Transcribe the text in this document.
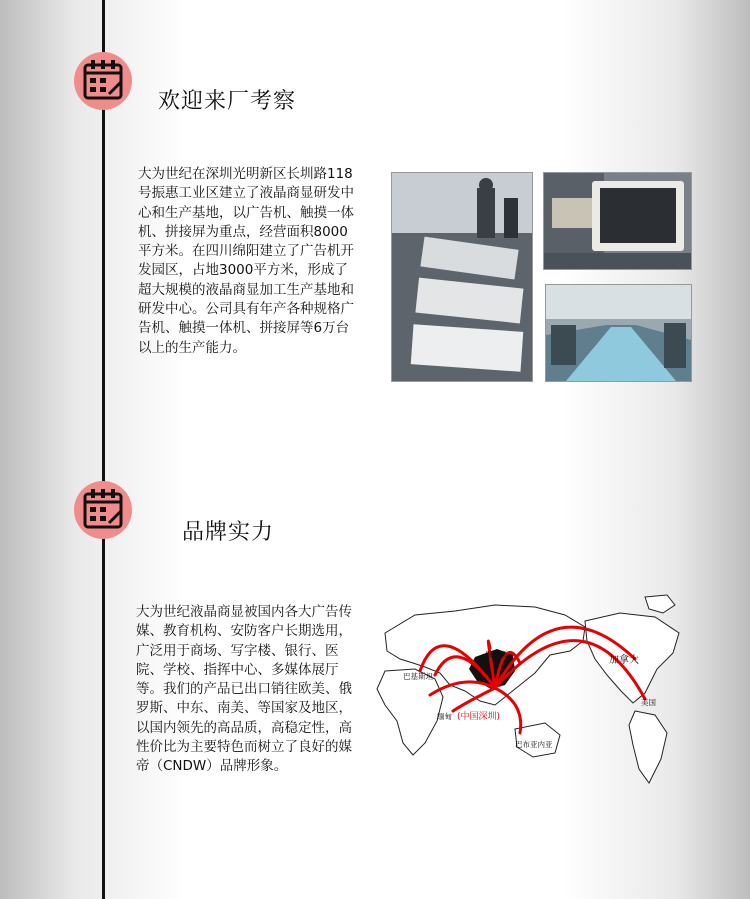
欢迎来厂考察

大为世纪在深圳光明新区长圳路118号振惠工业区建立了液晶商显研发中心和生产基地，以广告机、触摸一体机、拼接屏为重点，经营面积8000平方米。在四川绵阳建立了广告机开发园区，占地3000平方米，形成了超大规模的液晶商显加工生产基地和研发中心。公司具有年产各种规格广告机、触摸一体机、拼接屏等6万台以上的生产能力。

品牌实力

大为世纪液晶商显被国内各大广告传媒、教育机构、安防客户长期选用，广泛用于商场、写字楼、银行、医院、学校、指挥中心、多媒体展厅等。我们的产品已出口销往欧美、俄罗斯、中东、南美、等国家及地区，以国内领先的高品质，高稳定性，高性价比为主要特色而树立了良好的媒帝（CNDW）品牌形象。

俄罗斯
巴基斯坦
缅甸
巴布亚内亚
美国
加拿大
(中国深圳)
